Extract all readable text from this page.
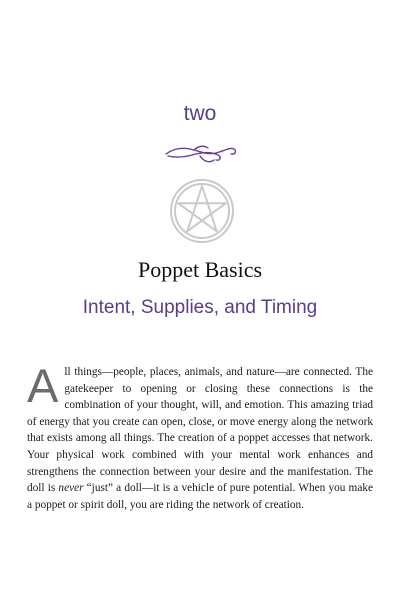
two
Poppet Basics
Intent, Supplies, and Timing

All things—people, places, animals, and nature—are connected. The gatekeeper to opening or closing these connections is the combination of your thought, will, and emotion. This amazing triad of energy that you create can open, close, or move energy along the network that exists among all things. The creation of a poppet accesses that network. Your physical work combined with your mental work enhances and strengthens the connection between your desire and the manifestation. The doll is never “just” a doll—it is a vehicle of pure potential. When you make a poppet or spirit doll, you are riding the network of creation.
